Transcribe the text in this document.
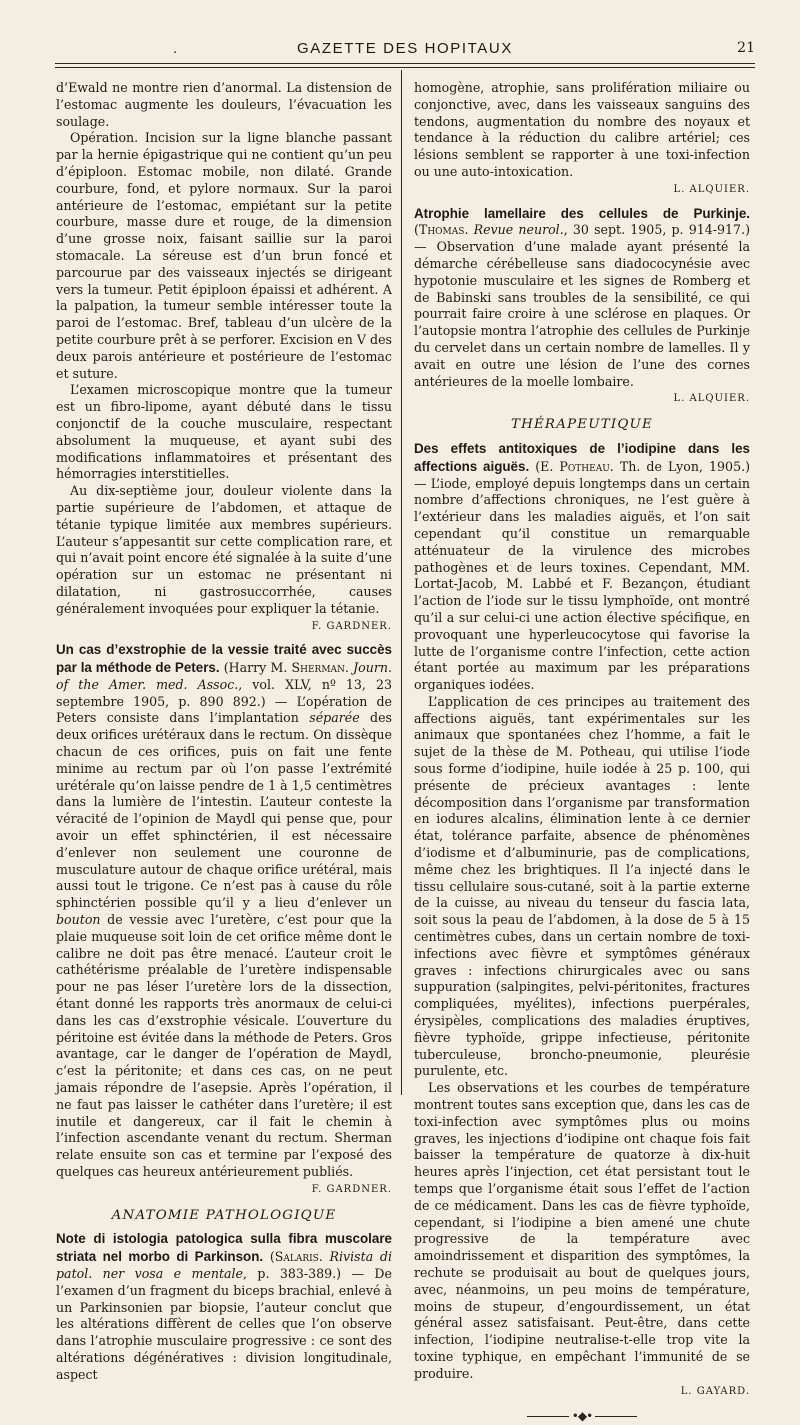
.	GAZETTE DES HOPITAUX	21

d’Ewald ne montre rien d’anormal. La distension de l’estomac augmente les douleurs, l’évacuation les soulage.

Opération. Incision sur la ligne blanche passant par la hernie épigastrique qui ne contient qu’un peu d’épiploon. Estomac mobile, non dilaté. Grande courbure, fond, et pylore normaux. Sur la paroi antérieure de l’estomac, empiétant sur la petite courbure, masse dure et rouge, de la dimension d’une grosse noix, faisant saillie sur la paroi stomacale. La séreuse est d’un brun foncé et parcourue par des vaisseaux injectés se dirigeant vers la tumeur. Petit épiploon épaissi et adhérent. A la palpation, la tumeur semble intéresser toute la paroi de l’estomac. Bref, tableau d’un ulcère de la petite courbure prêt à se perforer. Excision en V des deux parois antérieure et postérieure de l’estomac et suture.

L’examen microscopique montre que la tumeur est un fibro-lipome, ayant débuté dans le tissu conjonctif de la couche musculaire, respectant absolument la muqueuse, et ayant subi des modifications inflammatoires et présentant des hémorragies interstitielles.

Au dix-septième jour, douleur violente dans la partie supérieure de l’abdomen, et attaque de tétanie typique limitée aux membres supérieurs. L’auteur s’appesantit sur cette complication rare, et qui n’avait point encore été signalée à la suite d’une opération sur un estomac ne présentant ni dilatation, ni gastrosuccorrhée, causes généralement invoquées pour expliquer la tétanie.

F. GARDNER.

Un cas d’exstrophie de la vessie traité avec succès par la méthode de Peters. (Harry M. Sherman. Journ. of the Amer. med. Assoc., vol. XLV, nº 13, 23 septembre 1905, p. 890 892.) — L’opération de Peters consiste dans l’implantation séparée des deux orifices urétéraux dans le rectum. On dissèque chacun de ces orifices, puis on fait une fente minime au rectum par où l’on passe l’extrémité urétérale qu’on laisse pendre de 1 à 1,5 centimètres dans la lumière de l’intestin. L’auteur conteste la véracité de l’opinion de Maydl qui pense que, pour avoir un effet sphinctérien, il est nécessaire d’enlever non seulement une couronne de musculature autour de chaque orifice urétéral, mais aussi tout le trigone. Ce n’est pas à cause du rôle sphinctérien possible qu’il y a lieu d’enlever un bouton de vessie avec l’uretère, c’est pour que la plaie muqueuse soit loin de cet orifice même dont le calibre ne doit pas être menacé. L’auteur croit le cathétérisme préalable de l’uretère indispensable pour ne pas léser l’uretère lors de la dissection, étant donné les rapports très anormaux de celui-ci dans les cas d’exstrophie vésicale. L’ouverture du péritoine est évitée dans la méthode de Peters. Gros avantage, car le danger de l’opération de Maydl, c’est la péritonite; et dans ces cas, on ne peut jamais répondre de l’asepsie. Après l’opération, il ne faut pas laisser le cathéter dans l’uretère; il est inutile et dangereux, car il fait le chemin à l’infection ascendante venant du rectum. Sherman relate ensuite son cas et termine par l’exposé des quelques cas heureux antérieurement publiés.

F. GARDNER.

ANATOMIE PATHOLOGIQUE

Note di istologia patologica sulla fibra muscolare striata nel morbo di Parkinson. (Salaris. Rivista di patol. ner vosa e mentale, p. 383-389.) — De l’examen d’un fragment du biceps brachial, enlevé à un Parkinsonien par biopsie, l’auteur conclut que les altérations diffèrent de celles que l’on observe dans l’atrophie musculaire progressive : ce sont des altérations dégénératives : division longitudinale, aspect

homogène, atrophie, sans prolifération miliaire ou conjonctive, avec, dans les vaisseaux sanguins des tendons, augmentation du nombre des noyaux et tendance à la réduction du calibre artériel; ces lésions semblent se rapporter à une toxi-infection ou une auto-intoxication.

L. ALQUIER.

Atrophie lamellaire des cellules de Purkinje. (Thomas. Revue neurol., 30 sept. 1905, p. 914-917.) — Observation d’une malade ayant présenté la démarche cérébelleuse sans diadococynésie avec hypotonie musculaire et les signes de Romberg et de Babinski sans troubles de la sensibilité, ce qui pourrait faire croire à une sclérose en plaques. Or l’autopsie montra l’atrophie des cellules de Purkinje du cervelet dans un certain nombre de lamelles. Il y avait en outre une lésion de l’une des cornes antérieures de la moelle lombaire.

L. ALQUIER.

THÉRAPEUTIQUE

Des effets antitoxiques de l’iodipine dans les affections aiguës. (E. Potheau. Th. de Lyon, 1905.) — L’iode, employé depuis longtemps dans un certain nombre d’affections chroniques, ne l’est guère à l’extérieur dans les maladies aiguës, et l’on sait cependant qu’il constitue un remarquable atténuateur de la virulence des microbes pathogènes et de leurs toxines. Cependant, MM. Lortat-Jacob, M. Labbé et F. Bezançon, étudiant l’action de l’iode sur le tissu lymphoïde, ont montré qu’il a sur celui-ci une action élective spécifique, en provoquant une hyperleucocytose qui favorise la lutte de l’organisme contre l’infection, cette action étant portée au maximum par les préparations organiques iodées.

L’application de ces principes au traitement des affections aiguës, tant expérimentales sur les animaux que spontanées chez l’homme, a fait le sujet de la thèse de M. Potheau, qui utilise l’iode sous forme d’iodipine, huile iodée à 25 p. 100, qui présente de précieux avantages : lente décomposition dans l’organisme par transformation en iodures alcalins, élimination lente à ce dernier état, tolérance parfaite, absence de phénomènes d’iodisme et d’albuminurie, pas de complications, même chez les brightiques. Il l’a injecté dans le tissu cellulaire sous-cutané, soit à la partie externe de la cuisse, au niveau du tenseur du fascia lata, soit sous la peau de l’abdomen, à la dose de 5 à 15 centimètres cubes, dans un certain nombre de toxi-infections avec fièvre et symptômes généraux graves : infections chirurgicales avec ou sans suppuration (salpingites, pelvi-péritonites, fractures compliquées, myélites), infections puerpérales, érysipèles, complications des maladies éruptives, fièvre typhoïde, grippe infectieuse, péritonite tuberculeuse, broncho-pneumonie, pleurésie purulente, etc.

Les observations et les courbes de température montrent toutes sans exception que, dans les cas de toxi-infection avec symptômes plus ou moins graves, les injections d’iodipine ont chaque fois fait baisser la température de quatorze à dix-huit heures après l’injection, cet état persistant tout le temps que l’organisme était sous l’effet de l’action de ce médicament. Dans les cas de fièvre typhoïde, cependant, si l’iodipine a bien amené une chute progressive de la température avec amoindrissement et disparition des symptômes, la rechute se produisait au bout de quelques jours, avec, néanmoins, un peu moins de température, moins de stupeur, d’engourdissement, un état général assez satisfaisant. Peut-être, dans cette infection, l’iodipine neutralise-t-elle trop vite la toxine typhique, en empêchant l’immunité de se produire.

L. GAYARD.

•◆•
